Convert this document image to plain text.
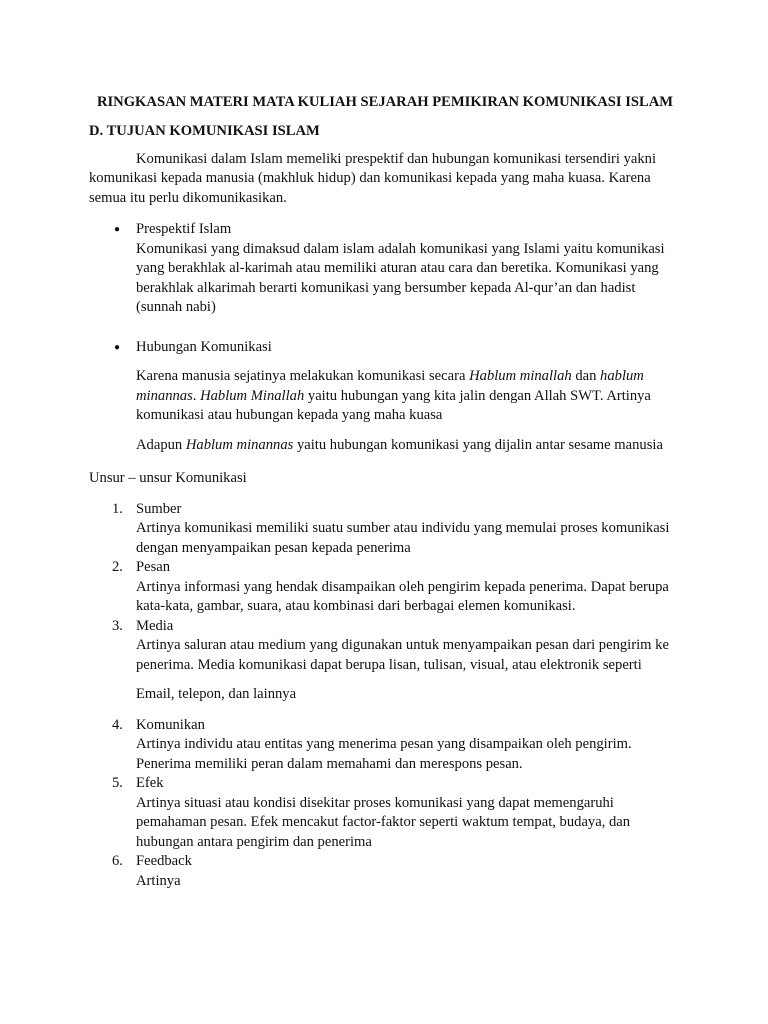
RINGKASAN MATERI MATA KULIAH SEJARAH PEMIKIRAN KOMUNIKASI ISLAM

D. TUJUAN KOMUNIKASI ISLAM

Komunikasi dalam Islam memeliki prespektif dan hubungan komunikasi tersendiri yakni komunikasi kepada manusia (makhluk hidup) dan komunikasi kepada yang maha kuasa. Karena semua itu perlu dikomunikasikan.

● Prespektif Islam

Komunikasi yang dimaksud dalam islam adalah komunikasi yang Islami yaitu komunikasi yang berakhlak al-karimah atau memiliki aturan atau cara dan beretika. Komunikasi yang berakhlak alkarimah berarti komunikasi yang bersumber kepada Al-qur’an dan hadist (sunnah nabi)

● Hubungan Komunikasi

Karena manusia sejatinya melakukan komunikasi secara Hablum minallah dan hablum minannas. Hablum Minallah yaitu hubungan yang kita jalin dengan Allah SWT. Artinya komunikasi atau hubungan kepada yang maha kuasa

Adapun Hablum minannas yaitu hubungan komunikasi yang dijalin antar sesame manusia

Unsur – unsur Komunikasi

1. Sumber

Artinya komunikasi memiliki suatu sumber atau individu yang memulai proses komunikasi dengan menyampaikan pesan kepada penerima

2. Pesan

Artinya informasi yang hendak disampaikan oleh pengirim kepada penerima. Dapat berupa kata-kata, gambar, suara, atau kombinasi dari berbagai elemen komunikasi.

3. Media

Artinya saluran atau medium yang digunakan untuk menyampaikan pesan dari pengirim ke penerima. Media komunikasi dapat berupa lisan, tulisan, visual, atau elektronik seperti

Email, telepon, dan lainnya

4. Komunikan

Artinya individu atau entitas yang menerima pesan yang disampaikan oleh pengirim. Penerima memiliki peran dalam memahami dan merespons pesan.

5. Efek

Artinya situasi atau kondisi disekitar proses komunikasi yang dapat memengaruhi pemahaman pesan. Efek mencakut factor-faktor seperti waktum tempat, budaya, dan hubungan antara pengirim dan penerima

6. Feedback

Artinya
